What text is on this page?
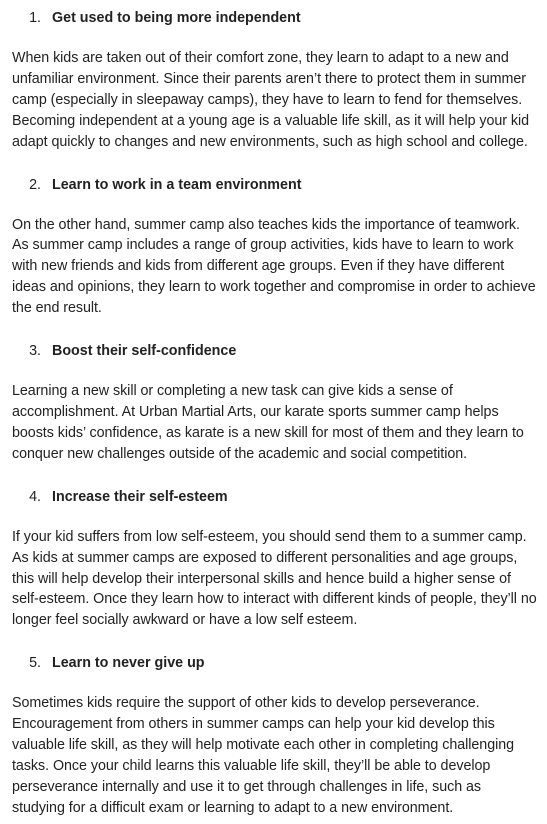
1. Get used to being more independent

When kids are taken out of their comfort zone, they learn to adapt to a new and unfamiliar environment. Since their parents aren’t there to protect them in summer camp (especially in sleepaway camps), they have to learn to fend for themselves. Becoming independent at a young age is a valuable life skill, as it will help your kid adapt quickly to changes and new environments, such as high school and college.

2. Learn to work in a team environment

On the other hand, summer camp also teaches kids the importance of teamwork. As summer camp includes a range of group activities, kids have to learn to work with new friends and kids from different age groups. Even if they have different ideas and opinions, they learn to work together and compromise in order to achieve the end result.

3. Boost their self-confidence

Learning a new skill or completing a new task can give kids a sense of accomplishment. At Urban Martial Arts, our karate sports summer camp helps boosts kids’ confidence, as karate is a new skill for most of them and they learn to conquer new challenges outside of the academic and social competition.

4. Increase their self-esteem

If your kid suffers from low self-esteem, you should send them to a summer camp. As kids at summer camps are exposed to different personalities and age groups, this will help develop their interpersonal skills and hence build a higher sense of self-esteem. Once they learn how to interact with different kinds of people, they’ll no longer feel socially awkward or have a low self esteem.

5. Learn to never give up

Sometimes kids require the support of other kids to develop perseverance. Encouragement from others in summer camps can help your kid develop this valuable life skill, as they will help motivate each other in completing challenging tasks. Once your child learns this valuable life skill, they’ll be able to develop perseverance internally and use it to get through challenges in life, such as studying for a difficult exam or learning to adapt to a new environment.
